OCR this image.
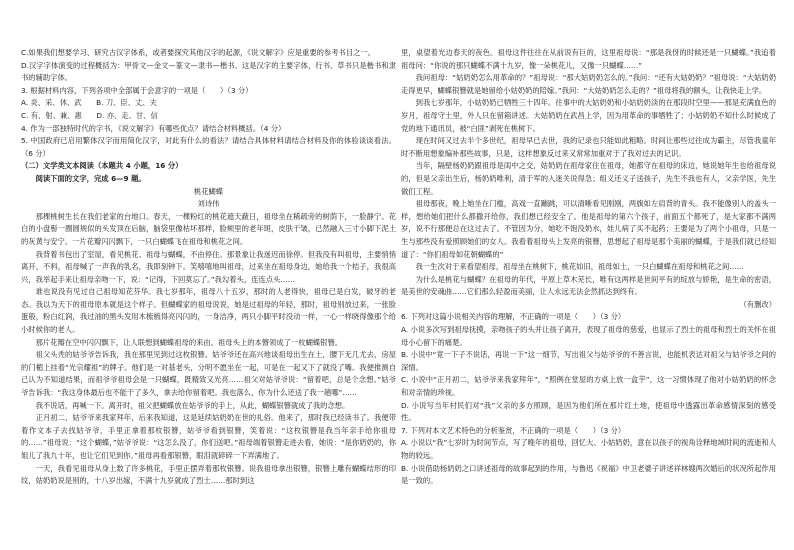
C.如果我们想要学习、研究古汉字体系，或者要探究其他汉字的起源，《说文解字》应是重要的参考书目之一。

D.汉字字体演变的过程概括为：甲骨文—金文—篆文—隶书—楷书。这是汉字的主要字体，行书、草书只是楷书和隶书的辅助字体。

3. 根据材料内容，下列各项中全部属于会意字的一项是（　　）（3 分）

A. 炎、采、休、武　　B. 刀、臣、丈、夫

C. 有、射、兼、惠　　D. 亦、走、甘、信

4. 作为一部独特时代的字书，《说文解字》有哪些优点？请结合材料概括。（4 分）

5. 中国政府已启用繁体汉字而用简化汉字，对此有什么的看法？请结合具体材料请结合材料及你的体验谈谈看法。（6 分）

（二）文学类文本阅读（本题共 4 小题，16 分）

阅读下面的文字，完成 6—9 题。

桃花蝴蝶

刘诗伟

那棵桃树生长在我们老家的台地口。春天，一棵粉红的桃花遮天蔽日，祖母坐在稀疏旁的树荫下，一脸静宁。花白的小盘髻一圈圆规似的头发顶在后脑，脑袋里像枯坏那样，脸颊里的老年斑，皮肤干皱，已然融入三寸小脚下泥土的灰黄与安宁。一片花瓣闪闪飘下，一只白蝴蝶飞在祖母和桃花之间。

我背着书包出了室屋，看见桃花、祖母与蝴蝶，不由停住。那景象让我迷迟而徐停。但我没有叫祖母，主要悄悄离开，不料，祖母喊了一声我的乳名，我即刻钟下。笑嘻嘻地叫祖母，过来坐在祖母身边，她给我一个桔子，我很高兴，我举起手来让祖母亲吻一下，说：“记得，下回莫忘了。”我勾着头，连连点头……

谁也说没有见过自己祖母知花芬华。我七岁那年，祖母八十五岁，那时的人老得快，祖母已是白发，破牙的老态。我以为天下的祖母原本就是这个样子。但蝴蝶家的祖母说说，她是过祖母的年轻，那时，祖母别放过来，一张脸蛋般，粉白红润，我过油的黑头发用木梳梳得亮闪闪的，一身洁净，两只小脚平时没动一样，一心一样晓得像那个给小时候你的老人。

那片花瓣在空中闪闪飘下，让人联想到蝴蝶祖母的来由。祖母头上的本簪领成了一枚蝴蝶银簪。

祖父头秃的姑爷爷告诉我，我在那里见到过这枚银簪。姑爷爷还在高兴地谈祖母出生在土，腰下无几尤去，房屋的门楣上挂着“光宗耀祖”的牌子。他们是一对基老头，分明不愿坐在一起，可是在一起又下了就没了嘴。我便推测自己认为不知道结果，而祖爷爷祖母会是一只蝴蝶，既精致又光亮……祖父对姑爷爷说：“留着吧，总是个念想。”姑爷爷告诉我：“我这身体最后也不能干了多久，拿去给你留着吧。我也落么，你为什么还送了我一趟哪”……

我不说话，再喊一下。离开时，祖父把蝴蝶放在姑爷爷的手上，从此，蝴蝶银簪就成了我的念想。

正月初二，姑爷爷来我家拜年，后来我知道，这是延续姑奶奶在世的礼俗。他来了，那时我已经读书了。我便带着作文本子去找姑爷爷，手里正拿着那枚银簪，姑爷爷看到银簪，笑着说：“这枚银簪是我当年亲手给你祖母的……”祖母说：“这个蝴蝶，”姑爷爷说：“这怎么没了，你们送吧。”祖母端着银簪走进去看，她说：“是你奶奶的，你姐儿了我九十年，也让它们见到你。”祖母再看那银簪，眼泪就碎碎一下弄满地了。

一天，我看见祖母从身上数了许多桃花，手里正摆弄着那枚银簪。说我祖母拿出银簪，银簪上雕有蝴蝶结形的印纹，姑奶奶说是别的，十八岁出嫁，不满十九岁就成了烈士……那时到这

里，桌望着光边春天的夜色。祖母这件往往在从前说有巨的，这里祖母说：“那是我伢的时候还是一只蝴蝶。”我追着祖母问：“你说的那只蝴蝶不满十九岁，像一朵桃花儿，又像一只蝴蝶……”

我问祖母：“姑奶奶怎么用革命的？”祖母说：“那大姑奶奶怎么的。”我问：“还有大姑奶奶？”祖母说：“大姑奶奶走得更早，蝴蝶银簪就是她留给小姑奶奶的陪嫁。”我问：“大姑奶奶怎么走的？”祖母将我的额头，让我快走上学。

到我七岁那年，小姑奶奶已牺牲三十四年。往事中的大姑奶奶和小姑奶奶淡的在那段时空里——那是充满血色的岁月，祖母守土里，外人只在留箱讲述。大姑奶奶在武昌上学，因为用革命的事牺牲了；小姑奶奶不知什么时候成了党的地下通讯员，被“白匪”剥死在桃树下。

现在时间又过去半个多世纪，祖母早已去世，我的记录也只能如此粗略。时间让那些过往成为霸主，尽管我童年时不断用想象编补那些故事，只是，这样想象反过来又常常加重对于了我对过去的记识。

当年，隔壁杨奶奶跟祖母是闺中之交，姑奶奶在祖母家住在祖母，她都守在祖母的床边，她说她年生也给祖母说的，但是父亲出生后，杨奶奶唯利，清于军的入迷关说得急；组义还义子送孩子，先生不我也有人，父亲学医，先生做们工程。

祖母那夜，晚上她坐在门槛，高戏一直蹦跳，可以清晰看见刚刚，两旗如左肩背的青头。我不能像别人的盖头一样，想给她们把什么都撒开给你，我们想已经安全了。他是祖母的第六个孩子，前面五个都死了，是大家都不满两岁，说不行那便总在这过去了。不管因为分，她吃不饱没奶水，娃儿病了买不起药；王要是为了两个小祖母，只是一生与那些没有爱照顾她们的女人。我看着祖母头上发亮的银簪，思想起了祖母是那个美丽的蝴蝶，于是我们就已经知道了：“你们祖母如花朝蝴蝶的”

我一生次对于来看望祖母，祖母坐在桃树下，桃花如旧，祖母如土，一只白蝴蝶在祖母和桃花之间……

为什么是桃花与蝴蝶？在祖母的年代，平原上草木芜长，唯有这两样是世间平有的绽放与娇艳，是生命的密语，是美世的安魂曲……它们那么轻盈而美丽，让人永远无法企然抓达到终有。

（有删改）

6. 下列对这篇小说相关内容的理解，不正确的一项是（　　）（3 分）

A. 小说多次写到祖母抚摸，亲吻孩子的头并让孩子离开，表现了祖母的慈爱，也显示了烈士的祖母和烈士的关怀在祖母小心留下的痛楚。

B. 小说中“竟一下子不说话，再说一下”这一细节，写出祖父与姑爷爷的不善言说，也能机表达对祖父与姑爷爷之间的深情。

C. 小说中“正月初二，姑爷爷来我家拜年”，“照例在堂屋的方桌上放一盒芋”，这一习惯体现了他对小姑奶奶的怀念和对亲情的珍视。

D. 小说写当年村民们对“我”父亲的多方照顾，是因为他们所在那片红土地，使祖母中透露出革命感情深刻的感受性。

7. 下列对本文艺术特色的分析鉴赏，不正确的一项是（　　）（3 分）

A. 小说以“我”七岁时为时间节点，写了晚年的祖母，回忆大、小姑奶奶，意在以孩子的视角诠释地域时间的流逝和人物的较远。

B. 小说借助杨奶奶之口讲述祖母的故事起到的作用，与鲁迅《祝福》中卫老婆子讲述祥林嫂两次婚后的状况所起作用是一致的。
